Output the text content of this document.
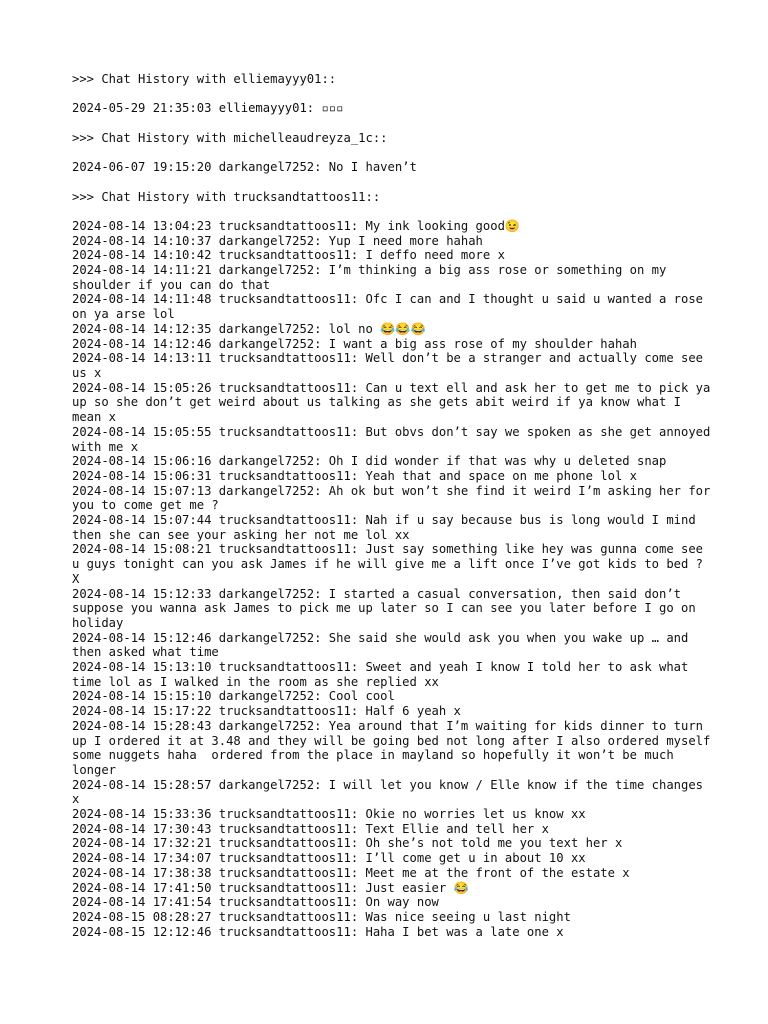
>>> Chat History with elliemayyy01::

2024-05-29 21:35:03 elliemayyy01: ▫▫▫

>>> Chat History with michelleaudreyza_1c::

2024-06-07 19:15:20 darkangel7252: No I haven’t

>>> Chat History with trucksandtattoos11::

2024-08-14 13:04:23 trucksandtattoos11: My ink looking good😉

2024-08-14 14:10:37 darkangel7252: Yup I need more hahah

2024-08-14 14:10:42 trucksandtattoos11: I deffo need more x

2024-08-14 14:11:21 darkangel7252: I’m thinking a big ass rose or something on my shoulder if you can do that

2024-08-14 14:11:48 trucksandtattoos11: Ofc I can and I thought u said u wanted a rose on ya arse lol

2024-08-14 14:12:35 darkangel7252: lol no 😂😂😂

2024-08-14 14:12:46 darkangel7252: I want a big ass rose of my shoulder hahah

2024-08-14 14:13:11 trucksandtattoos11: Well don’t be a stranger and actually come see us x

2024-08-14 15:05:26 trucksandtattoos11: Can u text ell and ask her to get me to pick ya up so she don’t get weird about us talking as she gets abit weird if ya know what I mean x

2024-08-14 15:05:55 trucksandtattoos11: But obvs don’t say we spoken as she get annoyed with me x

2024-08-14 15:06:16 darkangel7252: Oh I did wonder if that was why u deleted snap

2024-08-14 15:06:31 trucksandtattoos11: Yeah that and space on me phone lol x

2024-08-14 15:07:13 darkangel7252: Ah ok but won’t she find it weird I’m asking her for you to come get me ?

2024-08-14 15:07:44 trucksandtattoos11: Nah if u say because bus is long would I mind then she can see your asking her not me lol xx

2024-08-14 15:08:21 trucksandtattoos11: Just say something like hey was gunna come see u guys tonight can you ask James if he will give me a lift once I’ve got kids to bed ? X

2024-08-14 15:12:33 darkangel7252: I started a casual conversation, then said don’t suppose you wanna ask James to pick me up later so I can see you later before I go on holiday

2024-08-14 15:12:46 darkangel7252: She said she would ask you when you wake up … and then asked what time

2024-08-14 15:13:10 trucksandtattoos11: Sweet and yeah I know I told her to ask what time lol as I walked in the room as she replied xx

2024-08-14 15:15:10 darkangel7252: Cool cool

2024-08-14 15:17:22 trucksandtattoos11: Half 6 yeah x

2024-08-14 15:28:43 darkangel7252: Yea around that I’m waiting for kids dinner to turn up I ordered it at 3.48 and they will be going bed not long after I also ordered myself some nuggets haha  ordered from the place in mayland so hopefully it won’t be much longer

2024-08-14 15:28:57 darkangel7252: I will let you know / Elle know if the time changes x

2024-08-14 15:33:36 trucksandtattoos11: Okie no worries let us know xx

2024-08-14 17:30:43 trucksandtattoos11: Text Ellie and tell her x

2024-08-14 17:32:21 trucksandtattoos11: Oh she’s not told me you text her x

2024-08-14 17:34:07 trucksandtattoos11: I’ll come get u in about 10 xx

2024-08-14 17:38:38 trucksandtattoos11: Meet me at the front of the estate x

2024-08-14 17:41:50 trucksandtattoos11: Just easier 😂

2024-08-14 17:41:54 trucksandtattoos11: On way now

2024-08-15 08:28:27 trucksandtattoos11: Was nice seeing u last night

2024-08-15 12:12:46 trucksandtattoos11: Haha I bet was a late one x
